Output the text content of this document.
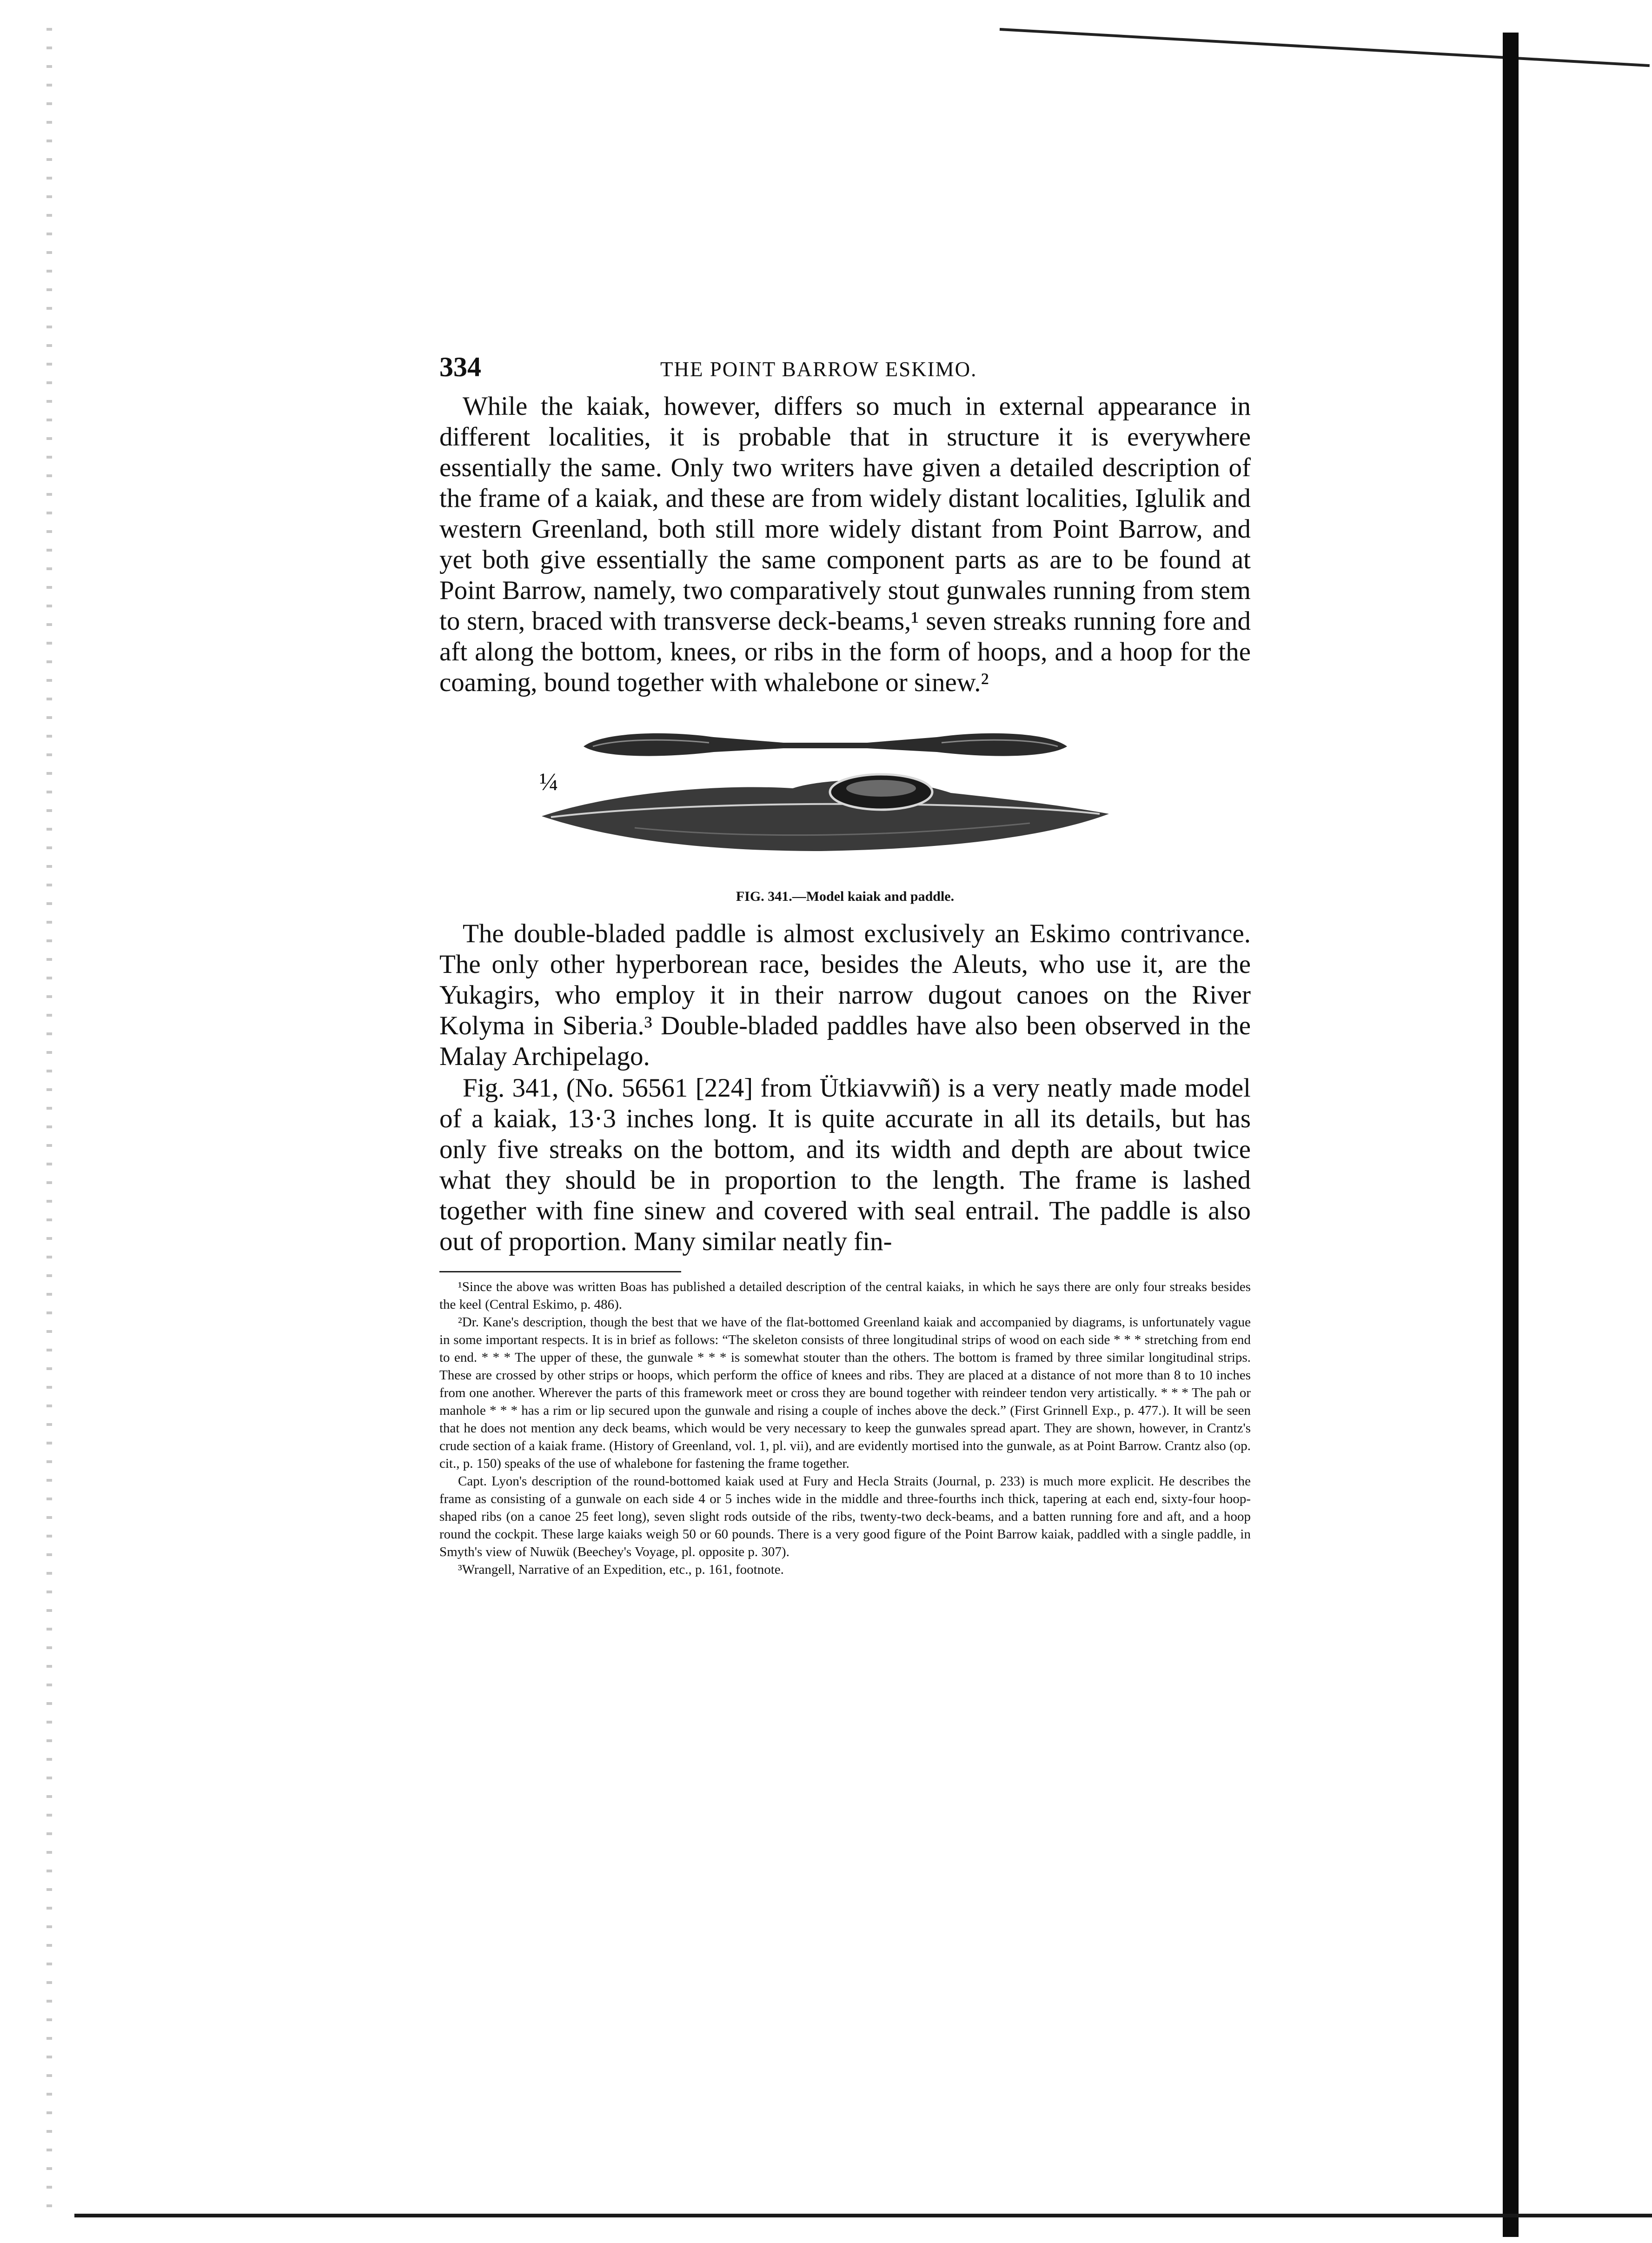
334	THE POINT BARROW ESKIMO.

While the kaiak, however, differs so much in external appearance in different localities, it is probable that in structure it is everywhere essentially the same. Only two writers have given a detailed description of the frame of a kaiak, and these are from widely distant localities, Iglulik and western Greenland, both still more widely distant from Point Barrow, and yet both give essentially the same component parts as are to be found at Point Barrow, namely, two comparatively stout gunwales running from stem to stern, braced with transverse deck-beams,¹ seven streaks running fore and aft along the bottom, knees, or ribs in the form of hoops, and a hoop for the coaming, bound together with whalebone or sinew.²

¼
FIG. 341.—Model kaiak and paddle.

The double-bladed paddle is almost exclusively an Eskimo contrivance. The only other hyperborean race, besides the Aleuts, who use it, are the Yukagirs, who employ it in their narrow dugout canoes on the River Kolyma in Siberia.³ Double-bladed paddles have also been observed in the Malay Archipelago.

Fig. 341, (No. 56561 [224] from Ütkiavwiñ) is a very neatly made model of a kaiak, 13·3 inches long. It is quite accurate in all its details, but has only five streaks on the bottom, and its width and depth are about twice what they should be in proportion to the length. The frame is lashed together with fine sinew and covered with seal entrail. The paddle is also out of proportion. Many similar neatly fin-

¹Since the above was written Boas has published a detailed description of the central kaiaks, in which he says there are only four streaks besides the keel (Central Eskimo, p. 486).

²Dr. Kane's description, though the best that we have of the flat-bottomed Greenland kaiak and accompanied by diagrams, is unfortunately vague in some important respects. It is in brief as follows: “The skeleton consists of three longitudinal strips of wood on each side * * * stretching from end to end. * * * The upper of these, the gunwale * * * is somewhat stouter than the others. The bottom is framed by three similar longitudinal strips. These are crossed by other strips or hoops, which perform the office of knees and ribs. They are placed at a distance of not more than 8 to 10 inches from one another. Wherever the parts of this framework meet or cross they are bound together with reindeer tendon very artistically. * * * The pah or manhole * * * has a rim or lip secured upon the gunwale and rising a couple of inches above the deck.” (First Grinnell Exp., p. 477.). It will be seen that he does not mention any deck beams, which would be very necessary to keep the gunwales spread apart. They are shown, however, in Crantz's crude section of a kaiak frame. (History of Greenland, vol. 1, pl. vii), and are evidently mortised into the gunwale, as at Point Barrow. Crantz also (op. cit., p. 150) speaks of the use of whalebone for fastening the frame together.

Capt. Lyon's description of the round-bottomed kaiak used at Fury and Hecla Straits (Journal, p. 233) is much more explicit. He describes the frame as consisting of a gunwale on each side 4 or 5 inches wide in the middle and three-fourths inch thick, tapering at each end, sixty-four hoop-shaped ribs (on a canoe 25 feet long), seven slight rods outside of the ribs, twenty-two deck-beams, and a batten running fore and aft, and a hoop round the cockpit. These large kaiaks weigh 50 or 60 pounds. There is a very good figure of the Point Barrow kaiak, paddled with a single paddle, in Smyth's view of Nuwük (Beechey's Voyage, pl. opposite p. 307).

³Wrangell, Narrative of an Expedition, etc., p. 161, footnote.
